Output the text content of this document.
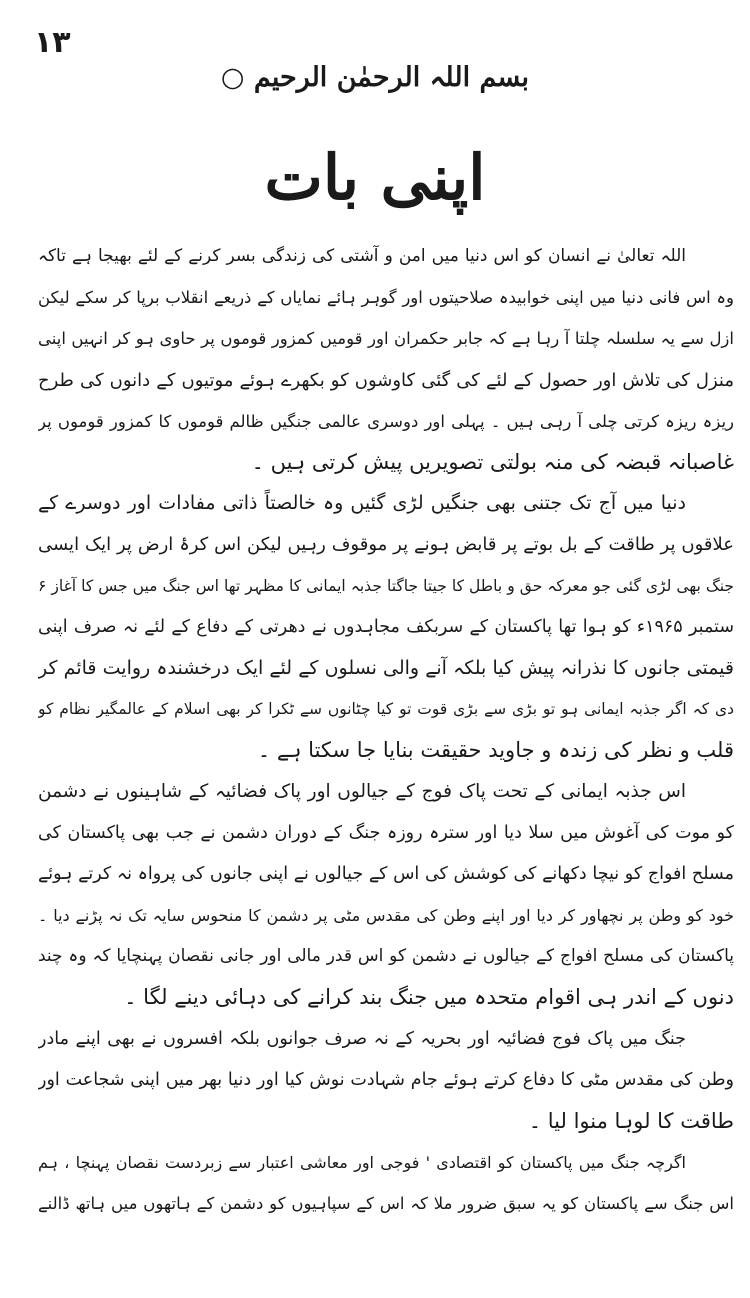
۱۳
بسم اللہ الرحمٰن الرحیم ○
اپنی بات
اللہ تعالیٰ نے انسان کو اس دنیا میں امن و آشتی کی زندگی بسر کرنے کے لئے بھیجا ہے تاکہ
وہ اس فانی دنیا میں اپنی خوابیدہ صلاحیتوں اور گوہر ہائے نمایاں کے ذریعے انقلاب برپا کر سکے لیکن
ازل سے یہ سلسلہ چلتا آ رہا ہے کہ جابر حکمران اور قومیں کمزور قوموں پر حاوی ہو کر انہیں اپنی
منزل کی تلاش اور حصول کے لئے کی گئی کاوشوں کو بکھرے ہوئے موتیوں کے دانوں کی طرح
ریزہ ریزہ کرتی چلی آ رہی ہیں ۔ پہلی اور دوسری عالمی جنگیں ظالم قوموں کا کمزور قوموں پر
غاصبانہ قبضہ کی منہ بولتی تصویریں پیش کرتی ہیں ۔
دنیا میں آج تک جتنی بھی جنگیں لڑی گئیں وہ خالصتاً ذاتی مفادات اور دوسرے کے
علاقوں پر طاقت کے بل بوتے پر قابض ہونے پر موقوف رہیں لیکن اس کرۂ ارض پر ایک ایسی
جنگ بھی لڑی گئی جو معرکہ حق و باطل کا جیتا جاگتا جذبہ ایمانی کا مظہر تھا اس جنگ میں جس کا آغاز ۶
ستمبر ۱۹۶۵ء کو ہوا تھا پاکستان کے سربکف مجاہدوں نے دھرتی کے دفاع کے لئے نہ صرف اپنی
قیمتی جانوں کا نذرانہ پیش کیا بلکہ آنے والی نسلوں کے لئے ایک درخشندہ روایت قائم کر
دی کہ اگر جذبہ ایمانی ہو تو بڑی سے بڑی قوت تو کیا چٹانوں سے ٹکرا کر بھی اسلام کے عالمگیر نظام کو
قلب و نظر کی زندہ و جاوید حقیقت بنایا جا سکتا ہے ۔
اس جذبہ ایمانی کے تحت پاک فوج کے جیالوں اور پاک فضائیہ کے شاہینوں نے دشمن
کو موت کی آغوش میں سلا دیا اور سترہ روزہ جنگ کے دوران دشمن نے جب بھی پاکستان کی
مسلح افواج کو نیچا دکھانے کی کوشش کی اس کے جیالوں نے اپنی جانوں کی پرواہ نہ کرتے ہوئے
خود کو وطن پر نچھاور کر دیا اور اپنے وطن کی مقدس مٹی پر دشمن کا منحوس سایہ تک نہ پڑنے دیا ۔
پاکستان کی مسلح افواج کے جیالوں نے دشمن کو اس قدر مالی اور جانی نقصان پہنچایا کہ وہ چند
دنوں کے اندر ہی اقوام متحدہ میں جنگ بند کرانے کی دہائی دینے لگا ۔
جنگ میں پاک فوج فضائیہ اور بحریہ کے نہ صرف جوانوں بلکہ افسروں نے بھی اپنے مادر
وطن کی مقدس مٹی کا دفاع کرتے ہوئے جام شہادت نوش کیا اور دنیا بھر میں اپنی شجاعت اور
طاقت کا لوہا منوا لیا ۔
اگرچہ جنگ میں پاکستان کو اقتصادی ' فوجی اور معاشی اعتبار سے زبردست نقصان پہنچا ، ہم
اس جنگ سے پاکستان کو یہ سبق ضرور ملا کہ اس کے سپاہیوں کو دشمن کے ہاتھوں میں ہاتھ ڈالنے
